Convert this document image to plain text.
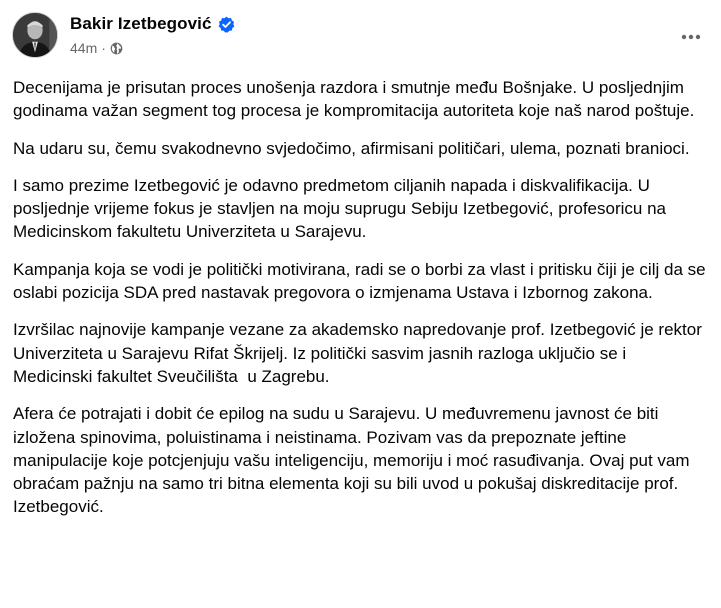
Bakir Izetbegović
44m ·

Decenijama je prisutan proces unošenja razdora i smutnje među Bošnjake. U posljednjim godinama važan segment tog procesa je kompromitacija autoriteta koje naš narod poštuje.

Na udaru su, čemu svakodnevno svjedočimo, afirmisani političari, ulema, poznati branioci.

I samo prezime Izetbegović je odavno predmetom ciljanih napada i diskvalifikacija. U posljednje vrijeme fokus je stavljen na moju suprugu Sebiju Izetbegović, profesoricu na Medicinskom fakultetu Univerziteta u Sarajevu.

Kampanja koja se vodi je politički motivirana, radi se o borbi za vlast i pritisku čiji je cilj da se oslabi pozicija SDA pred nastavak pregovora o izmjenama Ustava i Izbornog zakona.

Izvršilac najnovije kampanje vezane za akademsko napredovanje prof. Izetbegović je rektor Univerziteta u Sarajevu Rifat Škrijelj. Iz politički sasvim jasnih razloga uključio se i Medicinski fakultet Sveučilišta  u Zagrebu.

Afera će potrajati i dobit će epilog na sudu u Sarajevu. U međuvremenu javnost će biti izložena spinovima, poluistinama i neistinama. Pozivam vas da prepoznate jeftine manipulacije koje potcjenjuju vašu inteligenciju, memoriju i moć rasuđivanja. Ovaj put vam obraćam pažnju na samo tri bitna elementa koji su bili uvod u pokušaj diskreditacije prof. Izetbegović.
